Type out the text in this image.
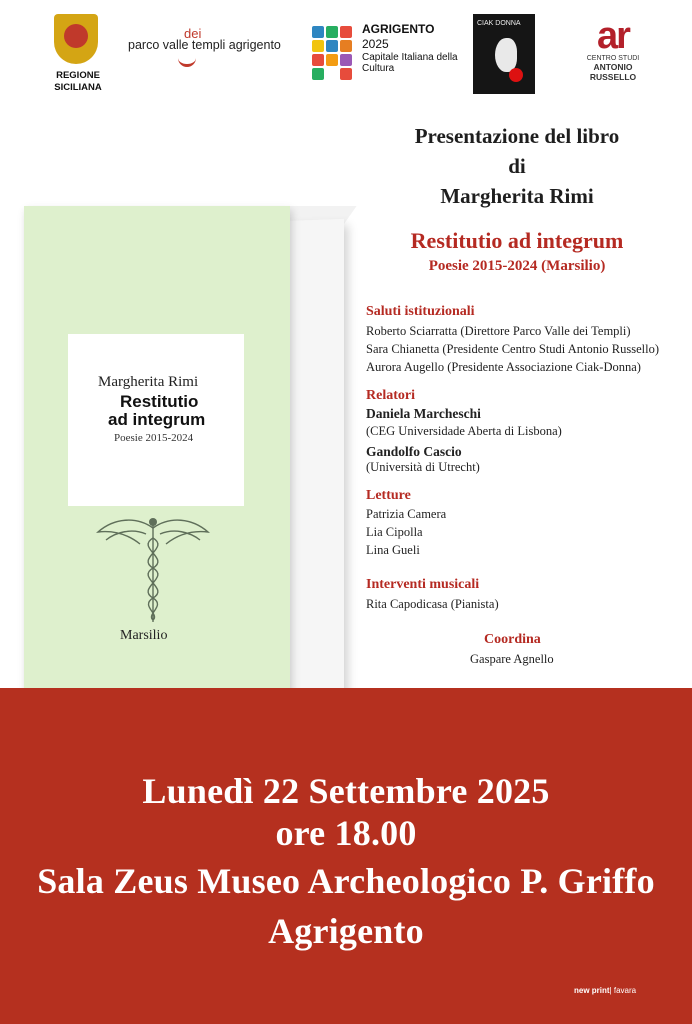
REGIONE SICILIANA
dei
parco valle templi agrigento
AGRIGENTO
2025
Capitale Italiana della Cultura
CIAK DONNA	ar
CENTRO STUDI
ANTONIO
RUSSELLO
Margherita Rimi
Restitutio
ad integrum
Poesie 2015-2024
Marsilio
Presentazione del libro
di
Margherita Rimi
Restitutio ad integrum
Poesie 2015-2024 (Marsilio)
Saluti istituzionali
Roberto Sciarratta (Direttore Parco Valle dei Templi)
Sara Chianetta (Presidente Centro Studi Antonio Russello)
Aurora Augello (Presidente Associazione Ciak-Donna)
Relatori
Daniela Marcheschi
(CEG Universidade Aberta di Lisbona)
Gandolfo Cascio
(Università di Utrecht)
Letture
Patrizia Camera
Lia Cipolla
Lina Gueli
Interventi musicali
Rita Capodicasa (Pianista)
Coordina
Gaspare Agnello
Lunedì 22 Settembre 2025
ore 18.00
Sala Zeus Museo Archeologico P. Griffo
Agrigento
new print| favara
